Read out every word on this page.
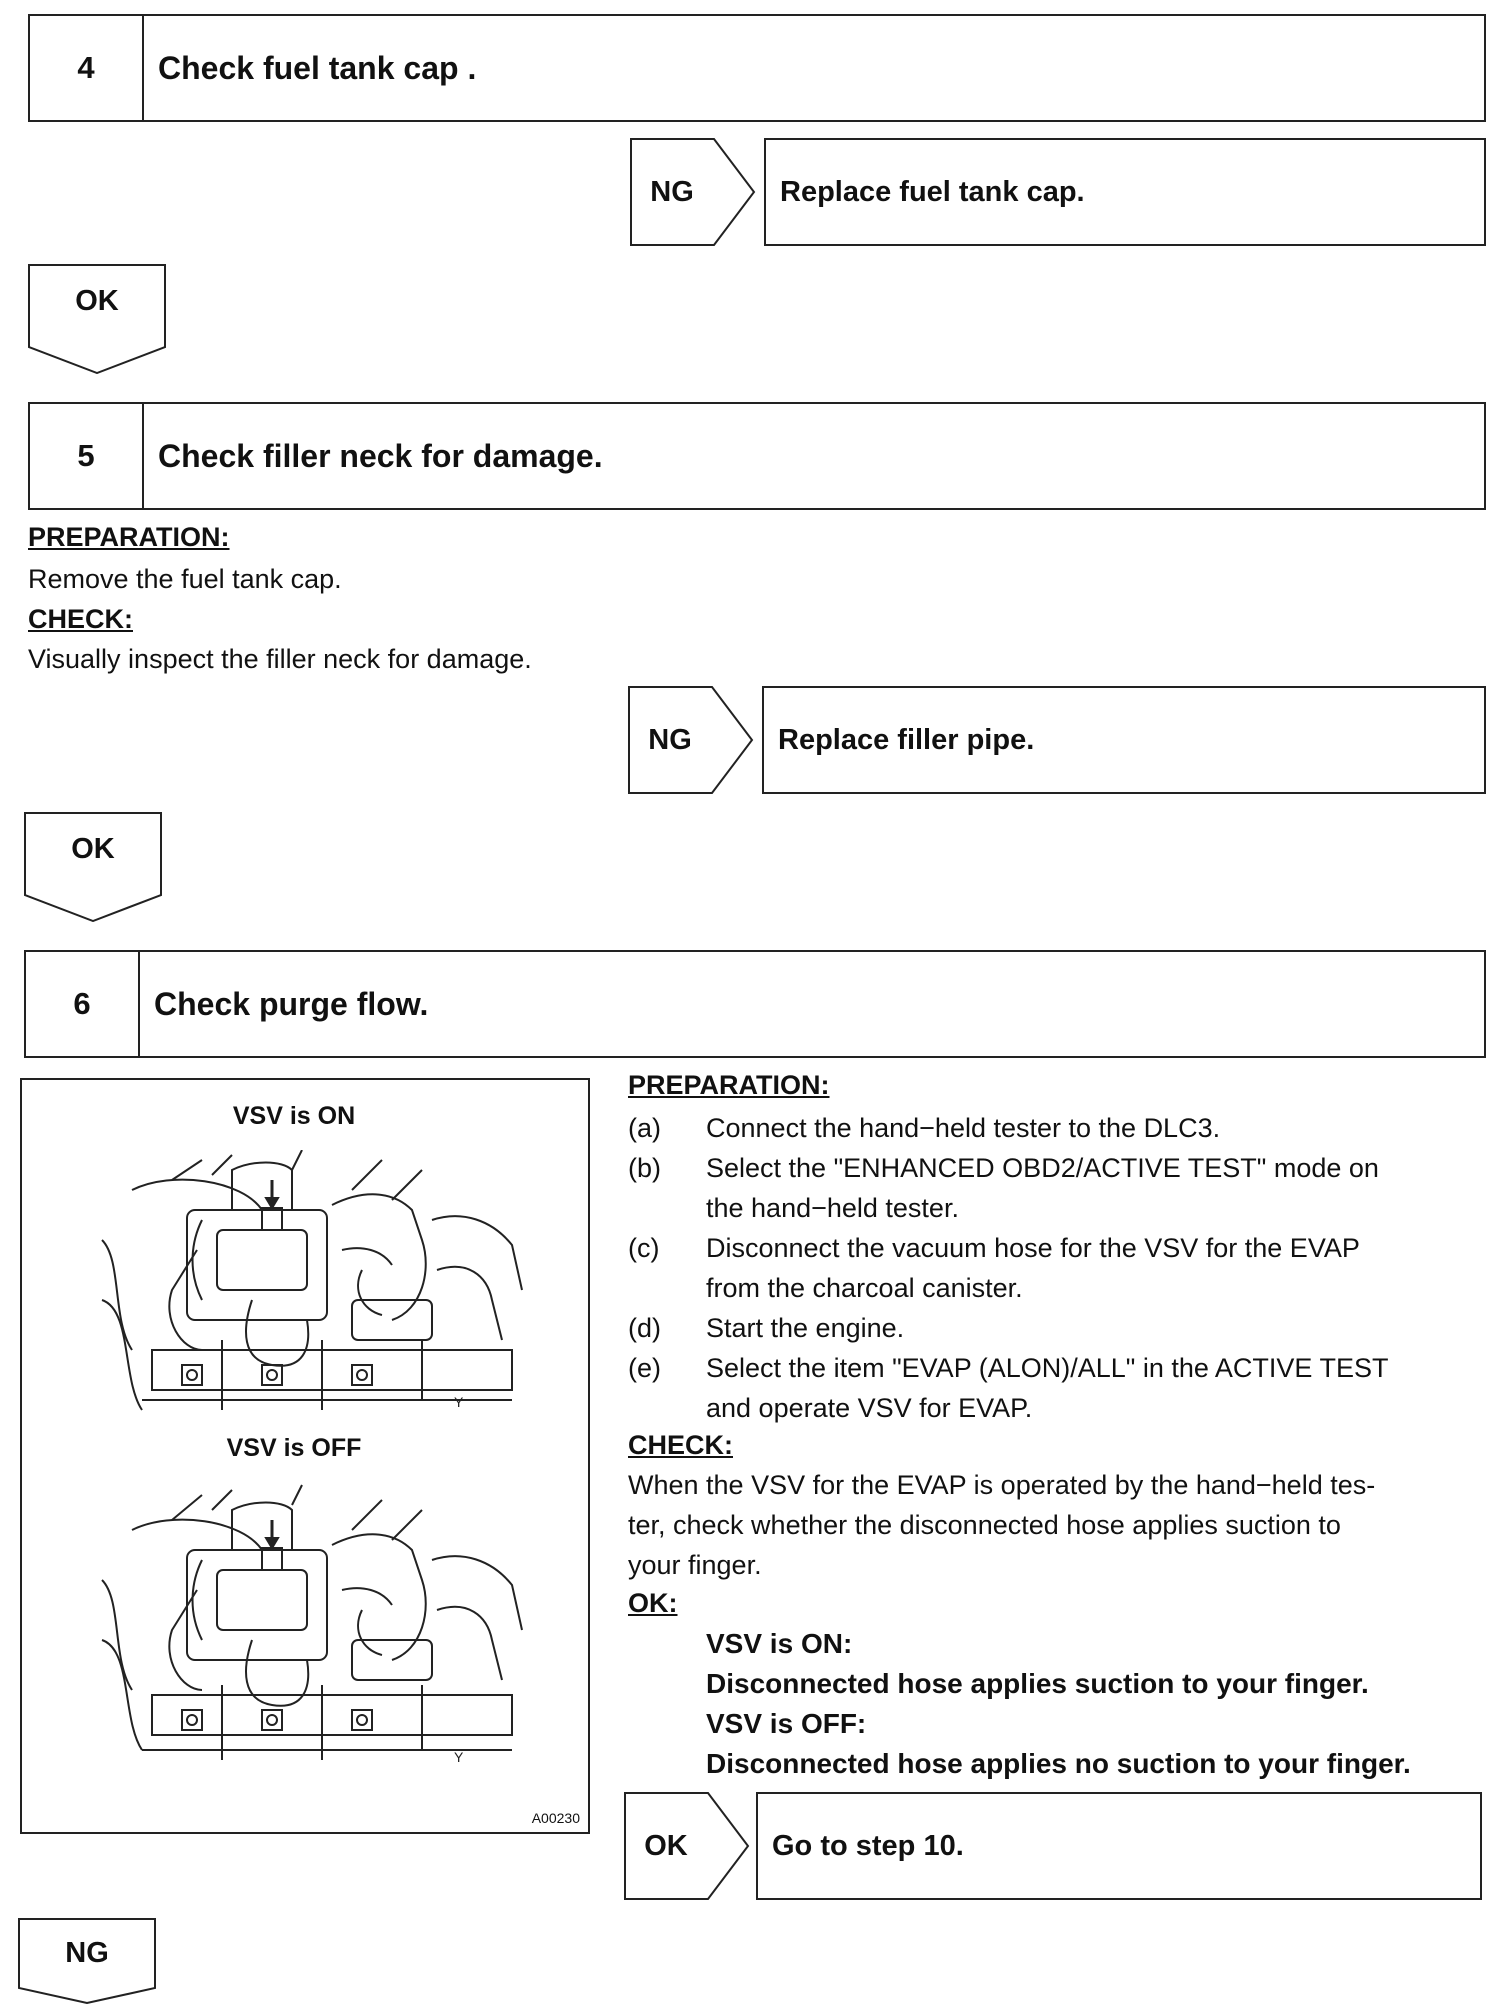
4	Check fuel tank cap .
NG	Replace fuel tank cap.
OK
5	Check filler neck for damage.
PREPARATION:
Remove the fuel tank cap.
CHECK:
Visually inspect the filler neck for damage.
NG	Replace filler pipe.
OK
6	Check purge flow.
VSV is ON
Y
VSV is OFF
Y
A00230
PREPARATION:
(a) Connect the hand−held tester to the DLC3.
(b) Select the "ENHANCED OBD2/ACTIVE TEST" mode on
the hand−held tester.
(c) Disconnect the vacuum hose for the VSV for the EVAP
from the charcoal canister.
(d) Start the engine.
(e) Select the item "EVAP (ALON)/ALL" in the ACTIVE TEST
and operate VSV for EVAP.
CHECK:
When the VSV for the EVAP is operated by the hand−held tes-
ter, check whether the disconnected hose applies suction to
your finger.
OK:
VSV is ON:
Disconnected hose applies suction to your finger.
VSV is OFF:
Disconnected hose applies no suction to your finger.
OK	Go to step 10.
NG
